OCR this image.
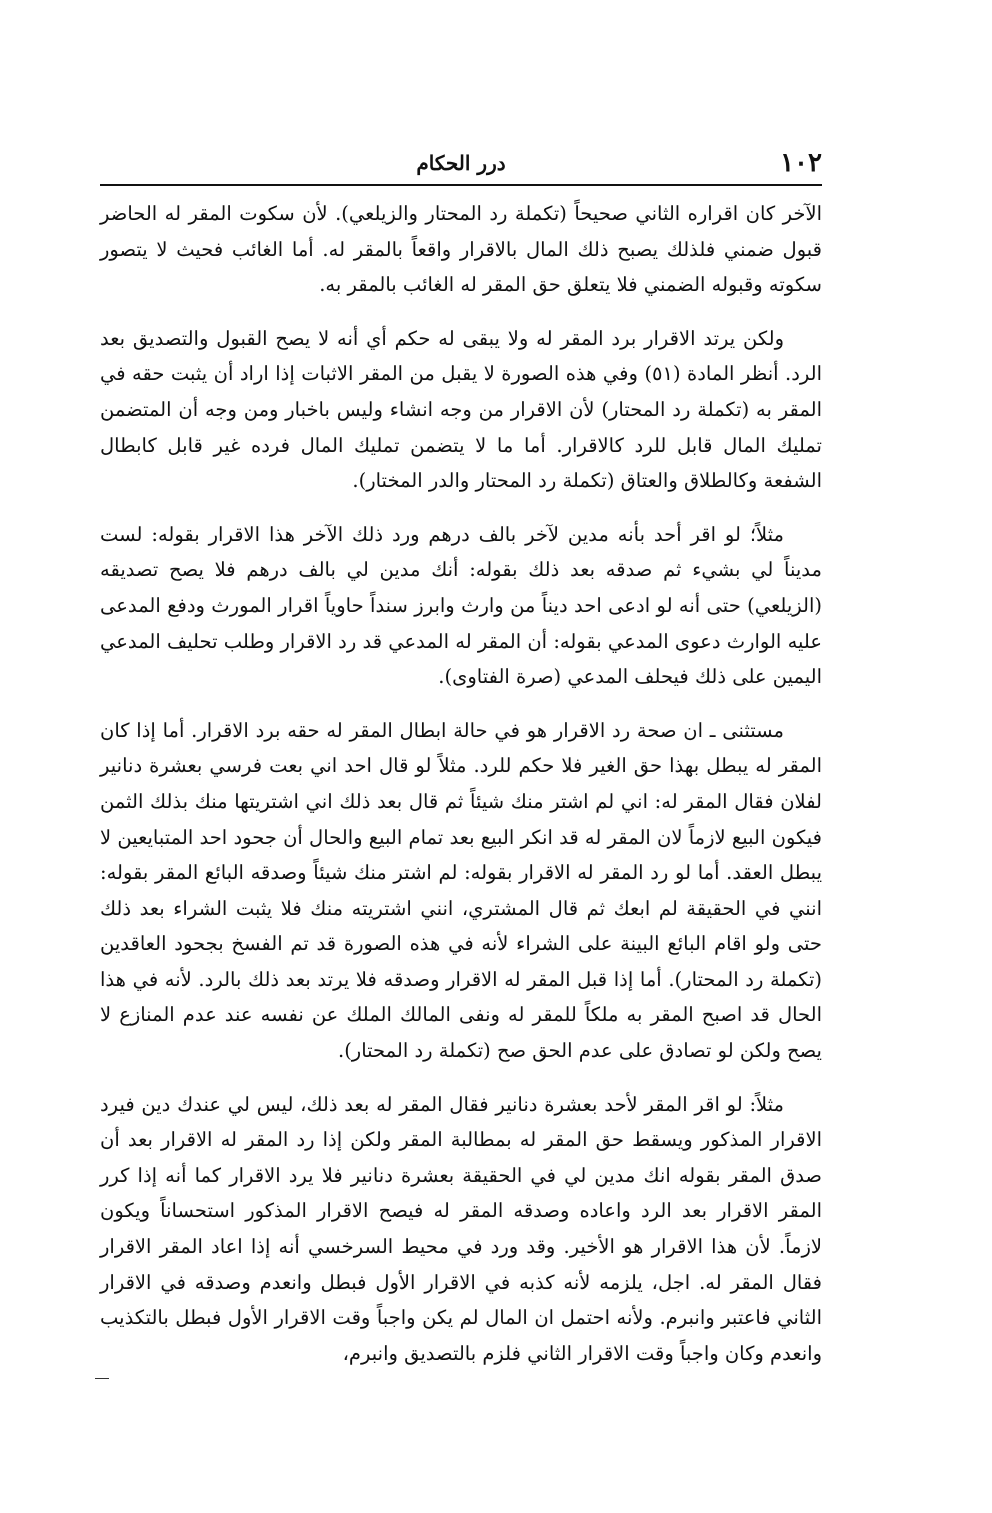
١٠٢
درر الحكام

الآخر كان اقراره الثاني صحيحاً (تكملة رد المحتار والزيلعي). لأن سكوت المقر له الحاضر قبول ضمني فلذلك يصبح ذلك المال بالاقرار واقعاً بالمقر له. أما الغائب فحيث لا يتصور سكوته وقبوله الضمني فلا يتعلق حق المقر له الغائب بالمقر به.

ولكن يرتد الاقرار برد المقر له ولا يبقى له حكم أي أنه لا يصح القبول والتصديق بعد الرد. أنظر المادة (٥١) وفي هذه الصورة لا يقبل من المقر الاثبات إذا اراد أن يثبت حقه في المقر به (تكملة رد المحتار) لأن الاقرار من وجه انشاء وليس باخبار ومن وجه أن المتضمن تمليك المال قابل للرد كالاقرار. أما ما لا يتضمن تمليك المال فرده غير قابل كابطال الشفعة وكالطلاق والعتاق (تكملة رد المحتار والدر المختار).

مثلاً؛ لو اقر أحد بأنه مدين لآخر بالف درهم ورد ذلك الآخر هذا الاقرار بقوله: لست مديناً لي بشيء ثم صدقه بعد ذلك بقوله: أنك مدين لي بالف درهم فلا يصح تصديقه (الزيلعي) حتى أنه لو ادعى احد ديناً من وارث وابرز سنداً حاوياً اقرار المورث ودفع المدعى عليه الوارث دعوى المدعي بقوله: أن المقر له المدعي قد رد الاقرار وطلب تحليف المدعي اليمين على ذلك فيحلف المدعي (صرة الفتاوى).

مستثنى ـ ان صحة رد الاقرار هو في حالة ابطال المقر له حقه برد الاقرار. أما إذا كان المقر له يبطل بهذا حق الغير فلا حكم للرد. مثلاً لو قال احد اني بعت فرسي بعشرة دنانير لفلان فقال المقر له: اني لم اشتر منك شيئاً ثم قال بعد ذلك اني اشتريتها منك بذلك الثمن فيكون البيع لازماً لان المقر له قد انكر البيع بعد تمام البيع والحال أن جحود احد المتبايعين لا يبطل العقد. أما لو رد المقر له الاقرار بقوله: لم اشتر منك شيئاً وصدقه البائع المقر بقوله: انني في الحقيقة لم ابعك ثم قال المشتري، انني اشتريته منك فلا يثبت الشراء بعد ذلك حتى ولو اقام البائع البينة على الشراء لأنه في هذه الصورة قد تم الفسخ بجحود العاقدين (تكملة رد المحتار). أما إذا قبل المقر له الاقرار وصدقه فلا يرتد بعد ذلك بالرد. لأنه في هذا الحال قد اصبح المقر به ملكاً للمقر له ونفى المالك الملك عن نفسه عند عدم المنازع لا يصح ولكن لو تصادق على عدم الحق صح (تكملة رد المحتار).

مثلاً: لو اقر المقر لأحد بعشرة دنانير فقال المقر له بعد ذلك، ليس لي عندك دين فيرد الاقرار المذكور ويسقط حق المقر له بمطالبة المقر ولكن إذا رد المقر له الاقرار بعد أن صدق المقر بقوله انك مدين لي في الحقيقة بعشرة دنانير فلا يرد الاقرار كما أنه إذا كرر المقر الاقرار بعد الرد واعاده وصدقه المقر له فيصح الاقرار المذكور استحساناً ويكون لازماً. لأن هذا الاقرار هو الأخير. وقد ورد في محيط السرخسي أنه إذا اعاد المقر الاقرار فقال المقر له. اجل، يلزمه لأنه كذبه في الاقرار الأول فبطل وانعدم وصدقه في الاقرار الثاني فاعتبر وانبرم. ولأنه احتمل ان المال لم يكن واجباً وقت الاقرار الأول فبطل بالتكذيب وانعدم وكان واجباً وقت الاقرار الثاني فلزم بالتصديق وانبرم،
